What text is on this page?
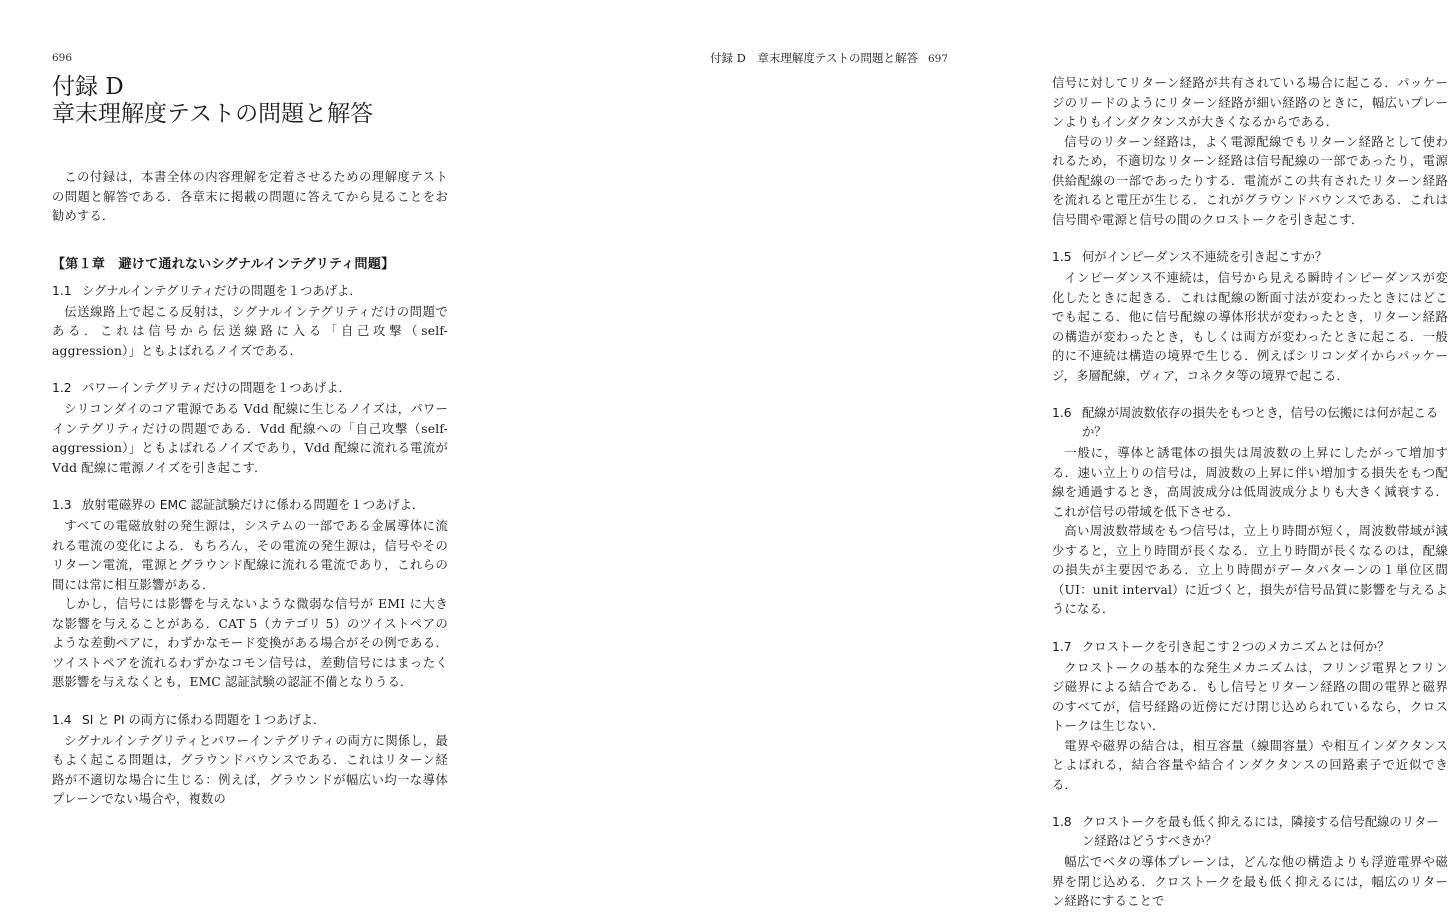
696
付録 D
章末理解度テストの問題と解答

この付録は，本書全体の内容理解を定着させるための理解度テストの問題と解答である．各章末に掲載の問題に答えてから見ることをお勧めする．

【第１章　避けて通れないシグナルインテグリティ問題】
1.1 シグナルインテグリティだけの問題を１つあげよ．

伝送線路上で起こる反射は，シグナルインテグリティだけの問題である．これは信号から伝送線路に入る「自己攻撃（self-aggression）」ともよばれるノイズである．

1.2 パワーインテグリティだけの問題を１つあげよ．

シリコンダイのコア電源である Vdd 配線に生じるノイズは，パワーインテグリティだけの問題である．Vdd 配線への「自己攻撃（self-aggression）」ともよばれるノイズであり，Vdd 配線に流れる電流が Vdd 配線に電源ノイズを引き起こす．

1.3 放射電磁界の EMC 認証試験だけに係わる問題を１つあげよ．

すべての電磁放射の発生源は，システムの一部である金属導体に流れる電流の変化による．もちろん，その電流の発生源は，信号やそのリターン電流，電源とグラウンド配線に流れる電流であり，これらの間には常に相互影響がある．

しかし，信号には影響を与えないような微弱な信号が EMI に大きな影響を与えることがある．CAT 5（カテゴリ 5）のツイストペアのような差動ペアに，わずかなモード変換がある場合がその例である．ツイストペアを流れるわずかなコモン信号は，差動信号にはまったく悪影響を与えなくとも，EMC 認証試験の認証不備となりうる．

1.4 SI と PI の両方に係わる問題を１つあげよ．

シグナルインテグリティとパワーインテグリティの両方に関係し，最もよく起こる問題は，グラウンドバウンスである．これはリターン経路が不適切な場合に生じる：例えば，グラウンドが幅広い均一な導体プレーンでない場合や，複数の

付録 D　章末理解度テストの問題と解答 697

信号に対してリターン経路が共有されている場合に起こる．パッケージのリードのようにリターン経路が細い経路のときに，幅広いプレーンよりもインダクタンスが大きくなるからである．

信号のリターン経路は，よく電源配線でもリターン経路として使われるため，不適切なリターン経路は信号配線の一部であったり，電源供給配線の一部であったりする．電流がこの共有されたリターン経路を流れると電圧が生じる．これがグラウンドバウンスである．これは信号間や電源と信号の間のクロストークを引き起こす．

1.5 何がインピーダンス不連続を引き起こすか？

インピーダンス不連続は，信号から見える瞬時インピーダンスが変化したときに起きる．これは配線の断面寸法が変わったときにはどこでも起こる．他に信号配線の導体形状が変わったとき，リターン経路の構造が変わったとき，もしくは両方が変わったときに起こる．一般的に不連続は構造の境界で生じる．例えばシリコンダイからパッケージ，多層配線，ヴィア，コネクタ等の境界で起こる．

1.6 配線が周波数依存の損失をもつとき，信号の伝搬には何が起こるか？

一般に，導体と誘電体の損失は周波数の上昇にしたがって増加する．速い立上りの信号は，周波数の上昇に伴い増加する損失をもつ配線を通過するとき，高周波成分は低周波成分よりも大きく減衰する．これが信号の帯域を低下させる．

高い周波数帯域をもつ信号は，立上り時間が短く，周波数帯域が減少すると，立上り時間が長くなる．立上り時間が長くなるのは，配線の損失が主要因である．立上り時間がデータパターンの１単位区間（UI：unit interval）に近づくと，損失が信号品質に影響を与えるようになる．

1.7 クロストークを引き起こす２つのメカニズムとは何か？

クロストークの基本的な発生メカニズムは，フリンジ電界とフリンジ磁界による結合である．もし信号とリターン経路の間の電界と磁界のすべてが，信号経路の近傍にだけ閉じ込められているなら，クロストークは生じない．

電界や磁界の結合は，相互容量（線間容量）や相互インダクタンスとよばれる，結合容量や結合インダクタンスの回路素子で近似できる．

1.8 クロストークを最も低く抑えるには，隣接する信号配線のリターン経路はどうすべきか？

幅広でベタの導体プレーンは，どんな他の構造よりも浮遊電界や磁界を閉じ込める．クロストークを最も低く抑えるには，幅広のリターン経路にすることで
